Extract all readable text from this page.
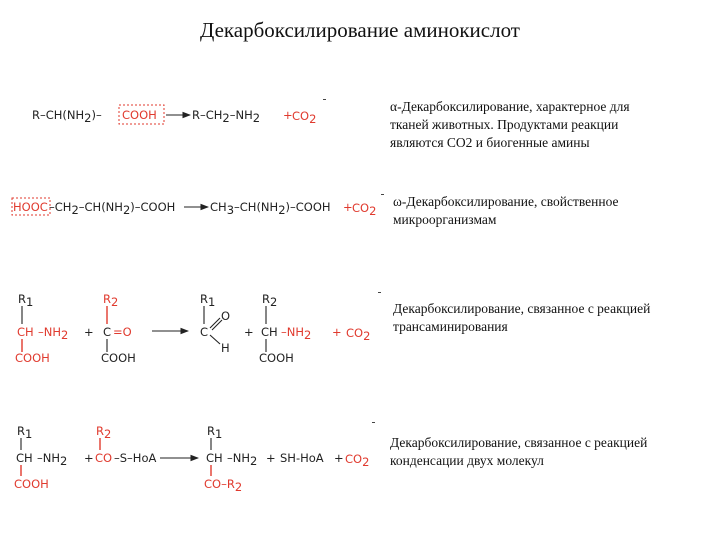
Декарбоксилирование аминокислот
α-Декарбоксилирование, характерное для
тканей животных. Продуктами реакции
являются СО2 и биогенные амины
ω-Декарбоксилирование, свойственное
микроорганизмам
Декарбоксилирование, связанное с реакцией
трансаминирования
Декарбоксилирование, связанное с реакцией
конденсации двух молекул
R–CH(NH2)– COOH	R–CH2–NH2 + CO2
HOOC –CH2–CH(NH2)–COOH	CH3–CH(NH2)–COOH + CO2
R1
CH –NH2
COOH
+
R2
C =O
COOH
R1
C
O
H
+
R2
CH –NH2
COOH
+ CO2
R1
CH –NH2
COOH
+
R2
CO –S–HoA
R1
CH –NH2
CO–R2
+ SH-HoA + CO2
